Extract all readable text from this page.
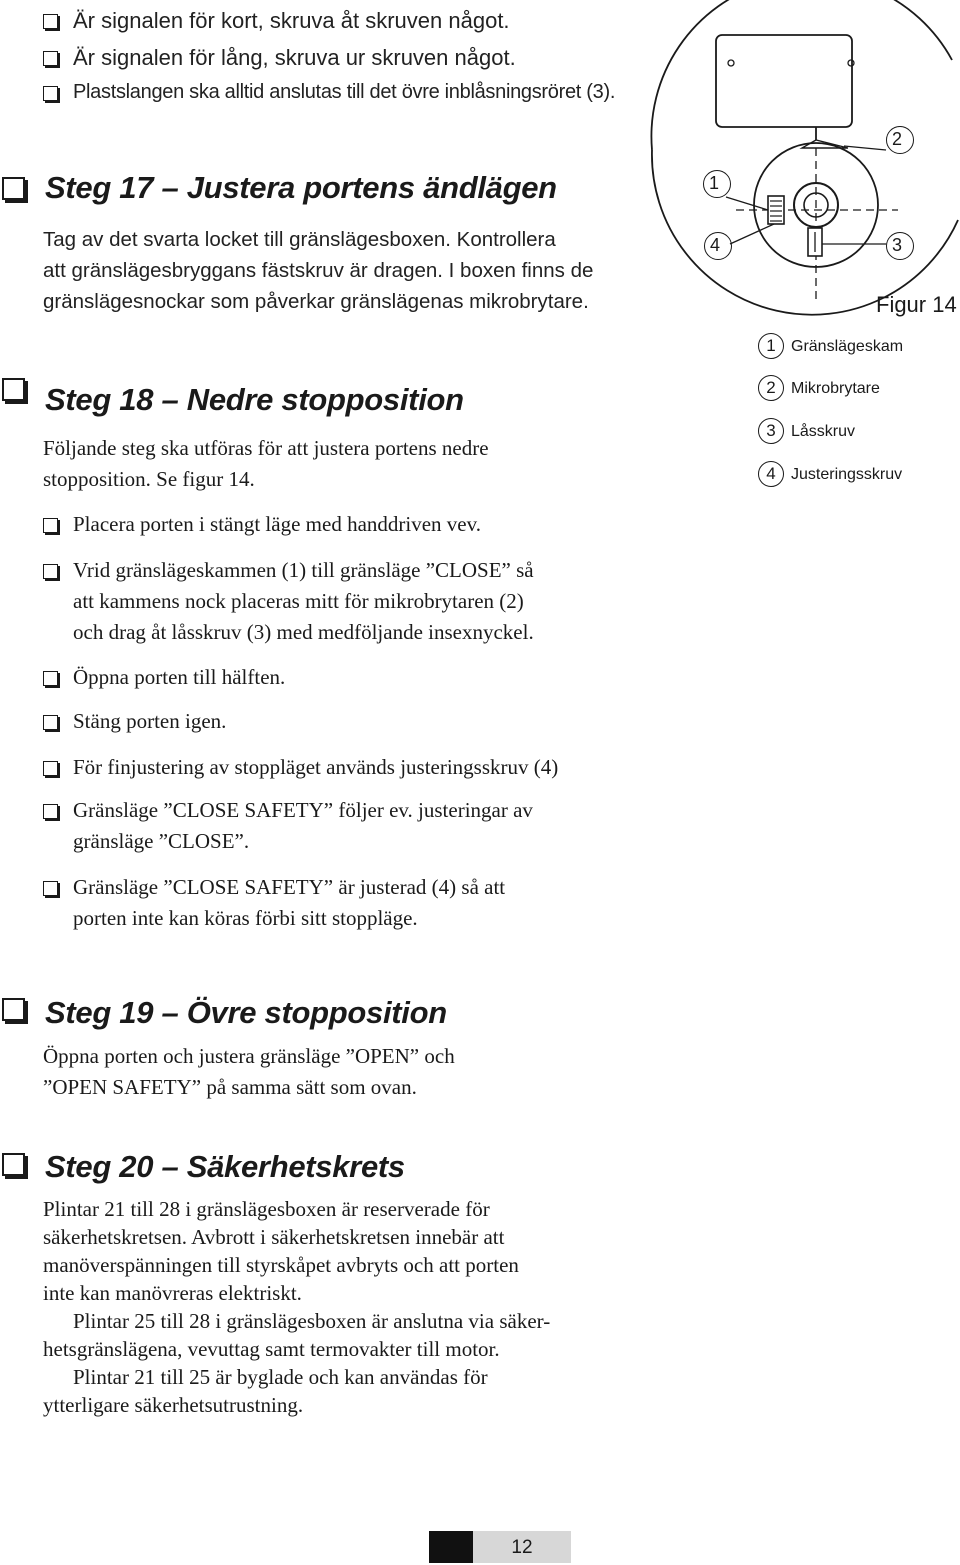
Är signalen för kort, skruva åt skruven något.
Är signalen för lång, skruva ur skruven något.
Plastslangen ska alltid anslutas till det övre inblåsningsröret (3).
Steg 17 – Justera portens ändlägen
Tag av det svarta locket till gränslägesboxen. Kontrollera
att gränslägesbryggans fästskruv är dragen. I boxen finns de
gränslägesnockar som påverkar gränslägenas mikrobrytare.
Steg 18 – Nedre stopposition
Följande steg ska utföras för att justera portens nedre
stopposition. Se figur 14.
Placera porten i stängt läge med handdriven vev.
Vrid gränslägeskammen (1) till gränsläge ”CLOSE” så
att kammens nock placeras mitt för mikrobrytaren (2)
och drag åt låsskruv (3) med medföljande insexnyckel.
Öppna porten till hälften.
Stäng porten igen.
För finjustering av stoppläget används justeringsskruv (4)
Gränsläge ”CLOSE SAFETY” följer ev. justeringar av
gränsläge ”CLOSE”.
Gränsläge ”CLOSE SAFETY” är justerad (4) så att
porten inte kan köras förbi sitt stoppläge.
Steg 19 – Övre stopposition
Öppna porten och justera gränsläge ”OPEN” och
”OPEN SAFETY” på samma sätt som ovan.
Steg 20 – Säkerhetskrets
Plintar 21 till 28 i gränslägesboxen är reserverade för
säkerhetskretsen. Avbrott i säkerhetskretsen innebär att
manöverspänningen till styrskåpet avbryts och att porten
inte kan manövreras elektriskt.
Plintar 25 till 28 i gränslägesboxen är anslutna via säker-
hetsgränslägena, vevuttag samt termovakter till motor.
Plintar 21 till 25 är byglade och kan användas för
ytterligare säkerhetsutrustning.
1
2
3
4
Figur 14
1 Gränslägeskam
2 Mikrobrytare
3 Låsskruv
4 Justeringsskruv
12
